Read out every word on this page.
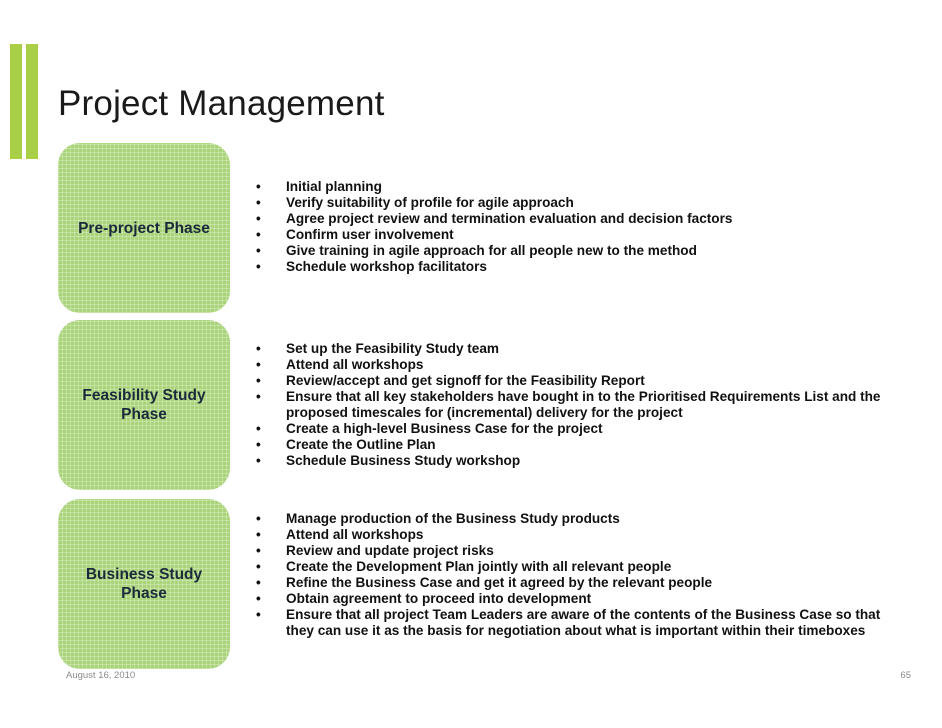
Project Management
Pre-project Phase
Feasibility Study Phase
Business Study Phase
• Initial planning
• Verify suitability of profile for agile approach
• Agree project review and termination evaluation and decision factors
• Confirm user involvement
• Give training in agile approach for all people new to the method
• Schedule workshop facilitators
• Set up the Feasibility Study team
• Attend all workshops
• Review/accept and get signoff for the Feasibility Report
• Ensure that all key stakeholders have bought in to the Prioritised Requirements List and the proposed timescales for (incremental) delivery for the project
• Create a high-level Business Case for the project
• Create the Outline Plan
• Schedule Business Study workshop
• Manage production of the Business Study products
• Attend all workshops
• Review and update project risks
• Create the Development Plan jointly with all relevant people
• Refine the Business Case and get it agreed by the relevant people
• Obtain agreement to proceed into development
• Ensure that all project Team Leaders are aware of the contents of the Business Case so that they can use it as the basis for negotiation about what is important within their timeboxes
August 16, 2010	65
